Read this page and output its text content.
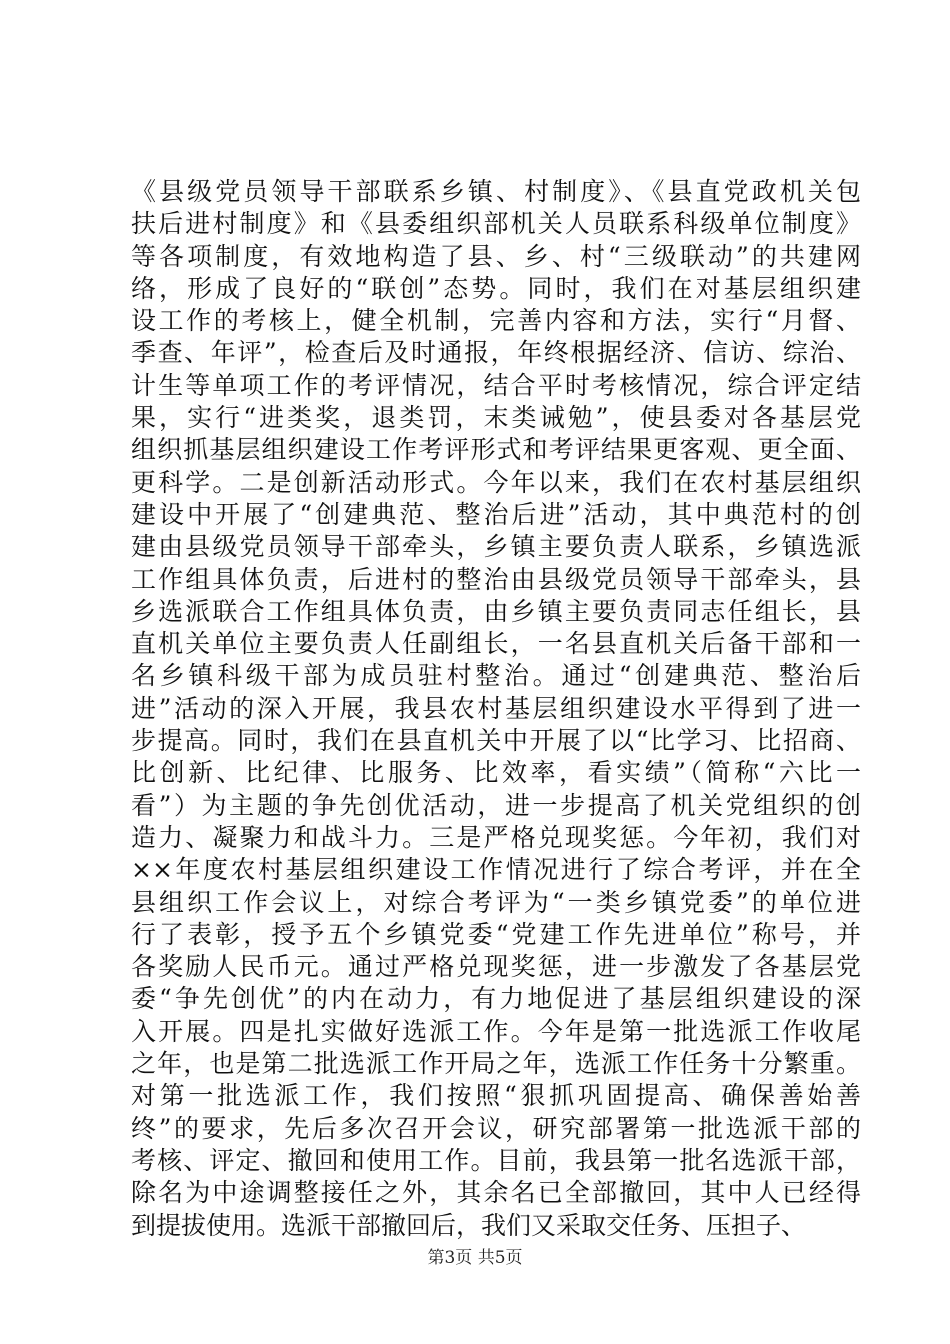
《县级党员领导干部联系乡镇、村制度》、《县直党政机关包
扶后进村制度》和《县委组织部机关人员联系科级单位制度》
等各项制度，有效地构造了县、乡、村“三级联动”的共建网
络，形成了良好的“联创”态势。同时，我们在对基层组织建
设工作的考核上，健全机制，完善内容和方法，实行“月督、
季查、年评”，检查后及时通报，年终根据经济、信访、综治、
计生等单项工作的考评情况，结合平时考核情况，综合评定结
果，实行“进类奖，退类罚，末类诫勉”，使县委对各基层党
组织抓基层组织建设工作考评形式和考评结果更客观、更全面、
更科学。二是创新活动形式。今年以来，我们在农村基层组织
建设中开展了“创建典范、整治后进”活动，其中典范村的创
建由县级党员领导干部牵头，乡镇主要负责人联系，乡镇选派
工作组具体负责，后进村的整治由县级党员领导干部牵头，县
乡选派联合工作组具体负责，由乡镇主要负责同志任组长，县
直机关单位主要负责人任副组长，一名县直机关后备干部和一
名乡镇科级干部为成员驻村整治。通过“创建典范、整治后
进”活动的深入开展，我县农村基层组织建设水平得到了进一
步提高。同时，我们在县直机关中开展了以“比学习、比招商、
比创新、比纪律、比服务、比效率，看实绩”（简称“六比一
看”）为主题的争先创优活动，进一步提高了机关党组织的创
造力、凝聚力和战斗力。三是严格兑现奖惩。今年初，我们对
××年度农村基层组织建设工作情况进行了综合考评，并在全
县组织工作会议上，对综合考评为“一类乡镇党委”的单位进
行了表彰，授予五个乡镇党委“党建工作先进单位”称号，并
各奖励人民币元。通过严格兑现奖惩，进一步激发了各基层党
委“争先创优”的内在动力，有力地促进了基层组织建设的深
入开展。四是扎实做好选派工作。今年是第一批选派工作收尾
之年，也是第二批选派工作开局之年，选派工作任务十分繁重。
对第一批选派工作，我们按照“狠抓巩固提高、确保善始善
终”的要求，先后多次召开会议，研究部署第一批选派干部的
考核、评定、撤回和使用工作。目前，我县第一批名选派干部，
除名为中途调整接任之外，其余名已全部撤回，其中人已经得
到提拔使用。选派干部撤回后，我们又采取交任务、压担子、
第3页 共5页
